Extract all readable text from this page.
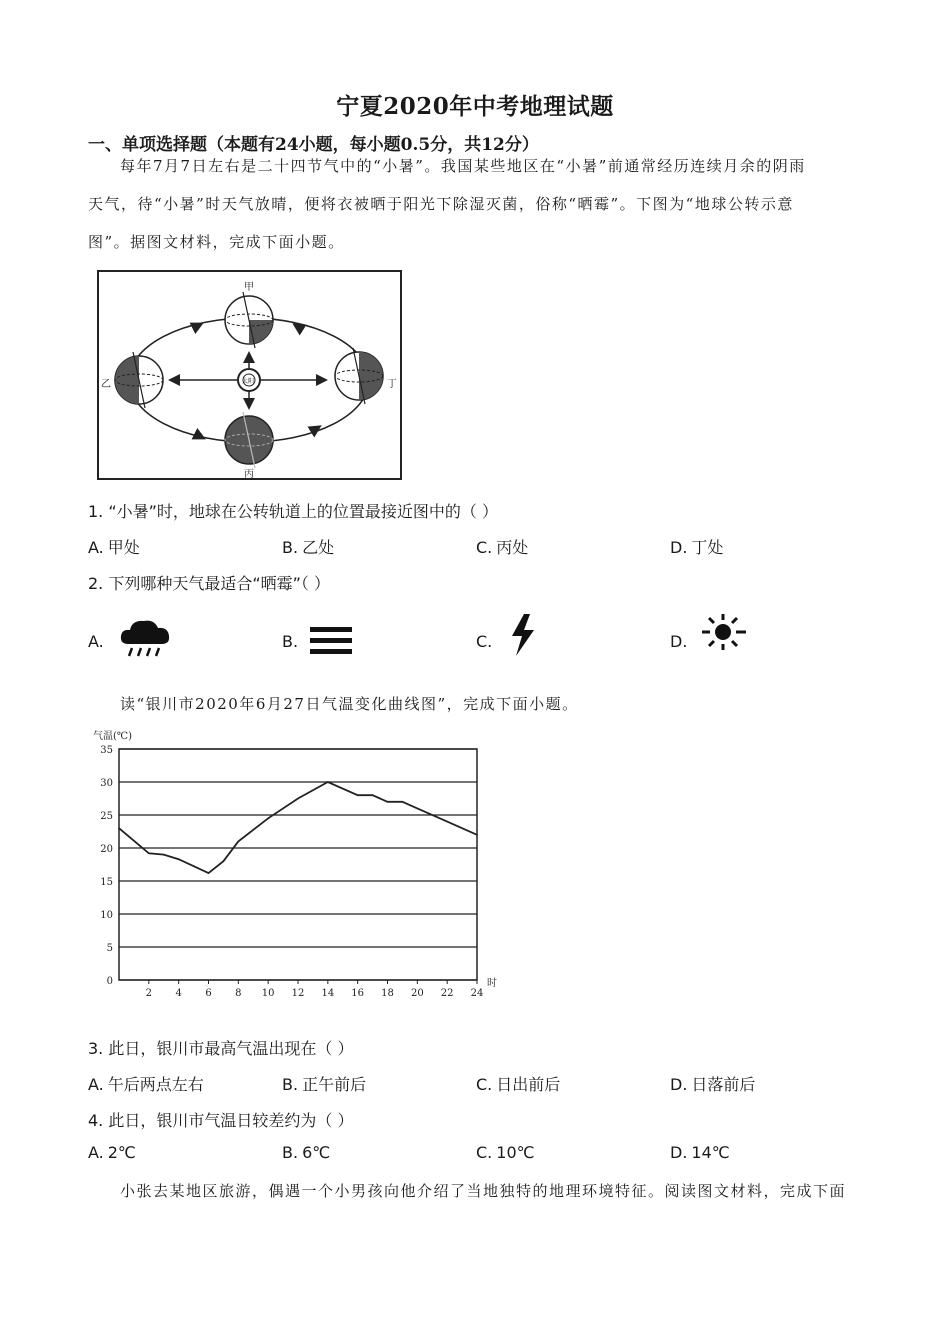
宁夏2020年中考地理试题
一、单项选择题（本题有24小题，每小题0.5分，共12分）
每年7月7日左右是二十四节气中的“小暑”。我国某些地区在“小暑”前通常经历连续月余的阴雨
天气，待“小暑”时天气放晴，便将衣被晒于阳光下除湿灭菌，俗称“晒霉”。下图为“地球公转示意
图”。据图文材料，完成下面小题。
甲
乙
丙
丁
太阳
1. “小暑”时，地球在公转轨道上的位置最接近图中的（ ）
A. 甲处	B. 乙处	C. 丙处	D. 丁处
2. 下列哪种天气最适合“晒霉”（ ）
A.	B.	C.	D.
读“银川市2020年6月27日气温变化曲线图”，完成下面小题。
0
5
10
15
20
25
30
35
2 4 6 8 10 12 14 16 18 20 22 24
气温(℃)
时
3. 此日，银川市最高气温出现在（ ）
A. 午后两点左右	B. 正午前后	C. 日出前后	D. 日落前后
4. 此日，银川市气温日较差约为（ ）
A. 2℃	B. 6℃	C. 10℃	D. 14℃
小张去某地区旅游，偶遇一个小男孩向他介绍了当地独特的地理环境特征。阅读图文材料，完成下面
